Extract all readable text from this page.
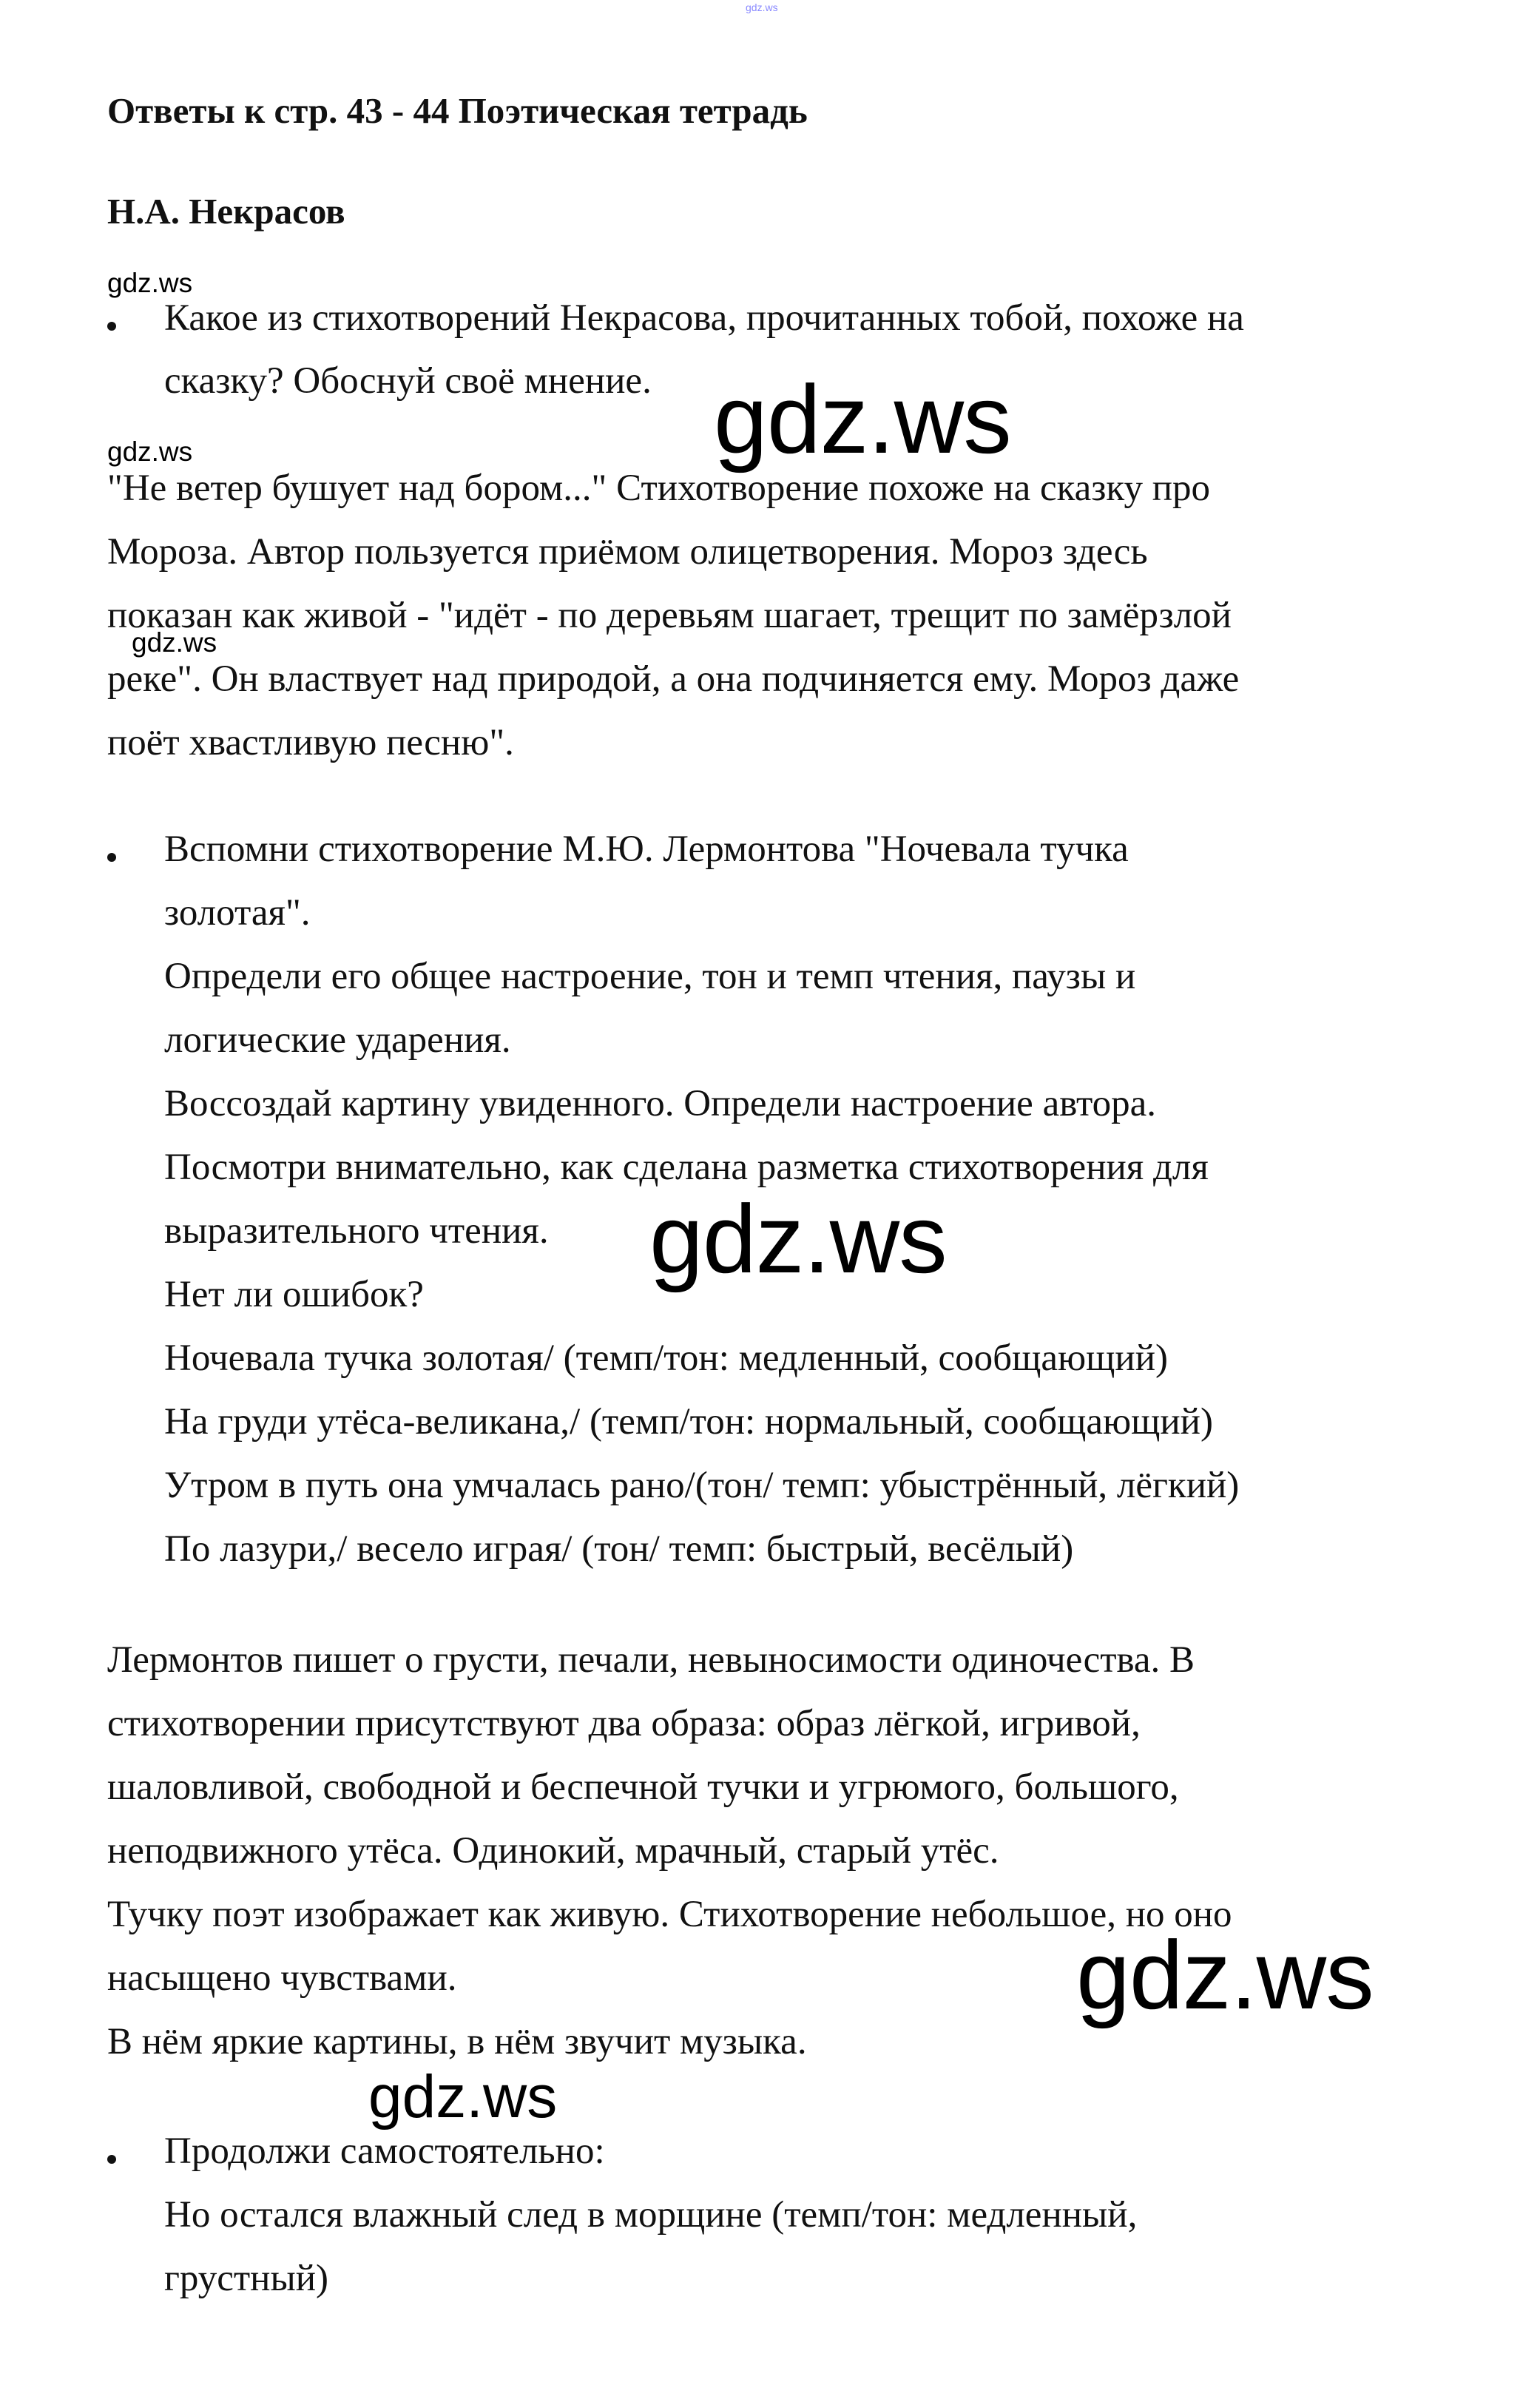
gdz.ws
Ответы к стр. 43 - 44 Поэтическая тетрадь
Н.А. Некрасов
gdz.ws
Какое из стихотворений Некрасова, прочитанных тобой, похоже на
сказку? Обоснуй своё мнение. gdz.ws
gdz.ws
"Не ветер бушует над бором..." Стихотворение похоже на сказку про
Мороза. Автор пользуется приёмом олицетворения. Мороз здесь
показан как живой - "идёт - по деревьям шагает, трещит по замёрзлой
gdz.ws
реке". Он властвует над природой, а она подчиняется ему. Мороз даже
поёт хвастливую песню".
Вспомни стихотворение М.Ю. Лермонтова "Ночевала тучка
золотая".
Определи его общее настроение, тон и темп чтения, паузы и
логические ударения.
Воссоздай картину увиденного. Определи настроение автора.
Посмотри внимательно, как сделана разметка стихотворения для
выразительного чтения. gdz.ws
Нет ли ошибок?
Ночевала тучка золотая/ (темп/тон: медленный, сообщающий)
На груди утёса-великана,/ (темп/тон: нормальный, сообщающий)
Утром в путь она умчалась рано/(тон/ темп: убыстрённый, лёгкий)
По лазури,/ весело играя/ (тон/ темп: быстрый, весёлый)
Лермонтов пишет о грусти, печали, невыносимости одиночества. В
стихотворении присутствуют два образа: образ лёгкой, игривой,
шаловливой, свободной и беспечной тучки и угрюмого, большого,
неподвижного утёса. Одинокий, мрачный, старый утёс.
Тучку поэт изображает как живую. Стихотворение небольшое, но оно
насыщено чувствами.	gdz.ws
В нём яркие картины, в нём звучит музыка.
gdz.ws
Продолжи самостоятельно:
Но остался влажный след в морщине (темп/тон: медленный,
грустный)
